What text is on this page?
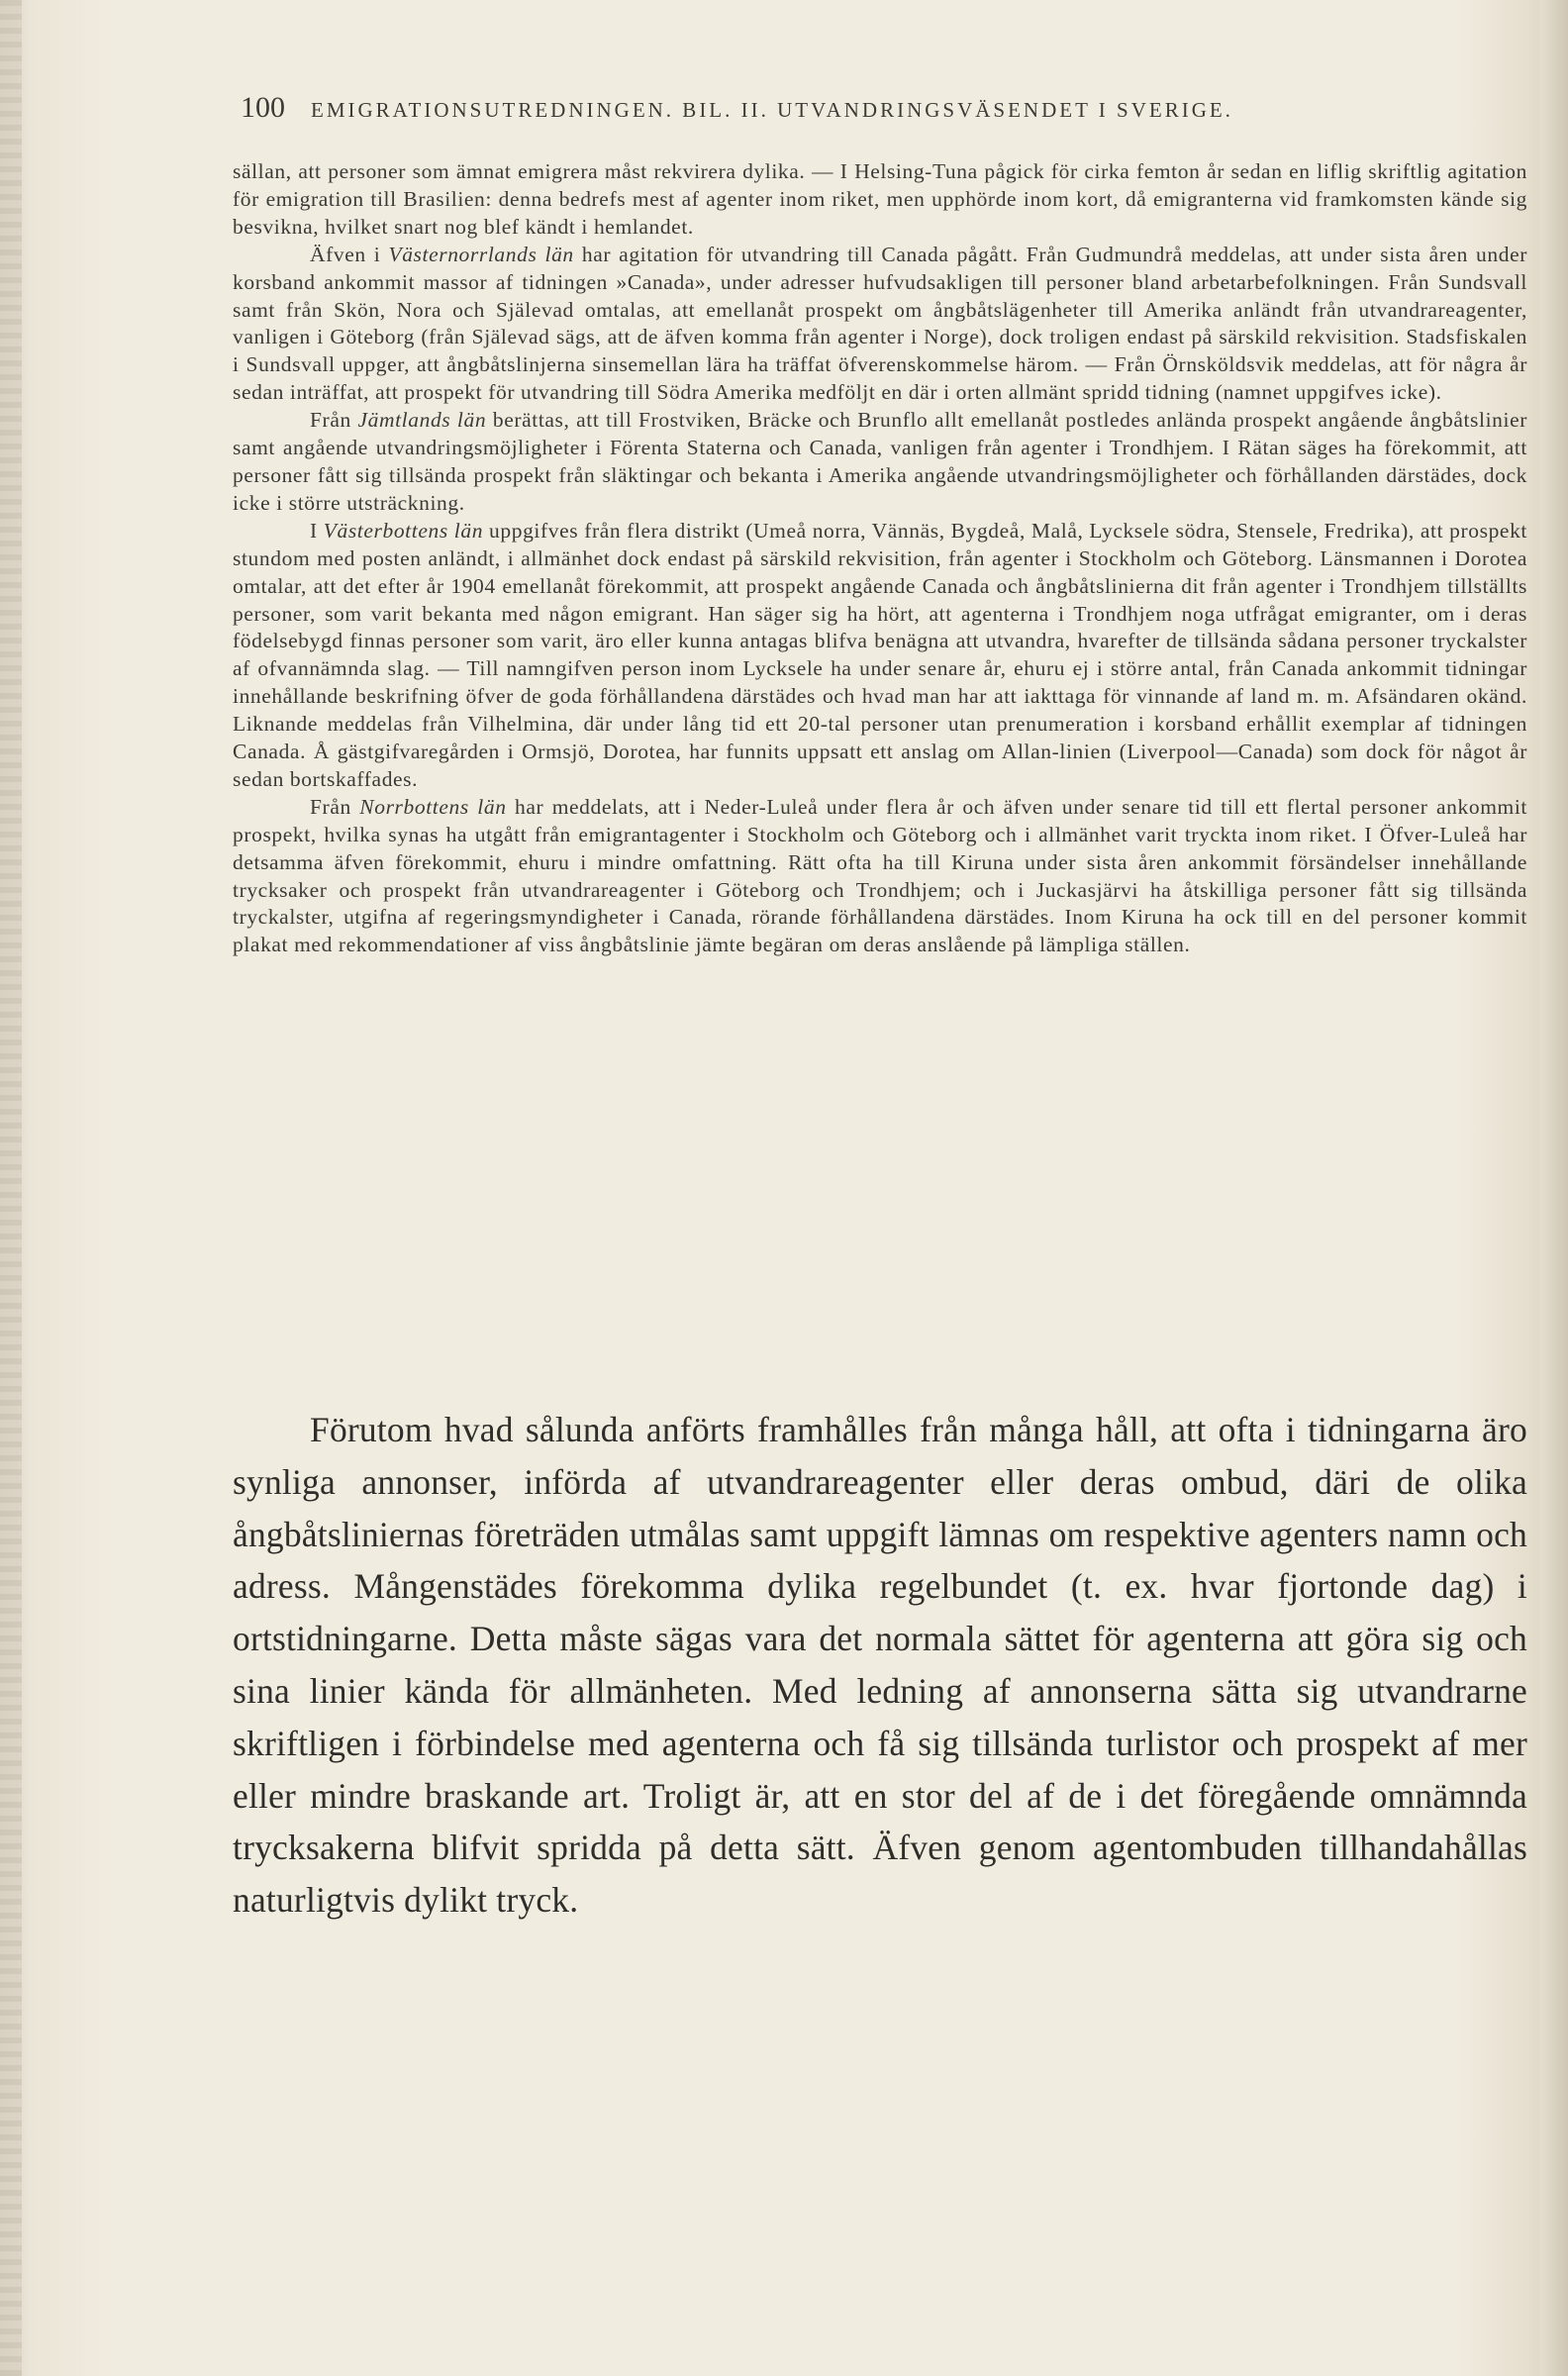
100 EMIGRATIONSUTREDNINGEN. BIL. II. UTVANDRINGSVÄSENDET I SVERIGE.

sällan, att personer som ämnat emigrera måst rekvirera dylika. — I Helsing-Tuna pågick för cirka femton år sedan en liflig skriftlig agitation för emigration till Brasilien: denna bedrefs mest af agenter inom riket, men upphörde inom kort, då emigranterna vid framkomsten kände sig besvikna, hvilket snart nog blef kändt i hemlandet.

Äfven i Västernorrlands län har agitation för utvandring till Canada pågått. Från Gudmundrå meddelas, att under sista åren under korsband ankommit massor af tidningen »Canada», under adresser hufvudsakligen till personer bland arbetarbefolkningen. Från Sundsvall samt från Skön, Nora och Själevad omtalas, att emellanåt prospekt om ångbåtslägenheter till Amerika anländt från utvandrareagenter, vanligen i Göteborg (från Själevad sägs, att de äfven komma från agenter i Norge), dock troligen endast på särskild rekvisition. Stadsfiskalen i Sundsvall uppger, att ångbåtslinjerna sinsemellan lära ha träffat öfverenskommelse härom. — Från Örnsköldsvik meddelas, att för några år sedan inträffat, att prospekt för utvandring till Södra Amerika medföljt en där i orten allmänt spridd tidning (namnet uppgifves icke).

Från Jämtlands län berättas, att till Frostviken, Bräcke och Brunflo allt emellanåt postledes anlända prospekt angående ångbåtslinier samt angående utvandringsmöjligheter i Förenta Staterna och Canada, vanligen från agenter i Trondhjem. I Rätan säges ha förekommit, att personer fått sig tillsända prospekt från släktingar och bekanta i Amerika angående utvandringsmöjligheter och förhållanden därstädes, dock icke i större utsträckning.

I Västerbottens län uppgifves från flera distrikt (Umeå norra, Vännäs, Bygdeå, Malå, Lycksele södra, Stensele, Fredrika), att prospekt stundom med posten anländt, i allmänhet dock endast på särskild rekvisition, från agenter i Stockholm och Göteborg. Länsmannen i Dorotea omtalar, att det efter år 1904 emellanåt förekommit, att prospekt angående Canada och ångbåtslinierna dit från agenter i Trondhjem tillställts personer, som varit bekanta med någon emigrant. Han säger sig ha hört, att agenterna i Trondhjem noga utfrågat emigranter, om i deras födelsebygd finnas personer som varit, äro eller kunna antagas blifva benägna att utvandra, hvarefter de tillsända sådana personer tryckalster af ofvannämnda slag. — Till namngifven person inom Lycksele ha under senare år, ehuru ej i större antal, från Canada ankommit tidningar innehållande beskrifning öfver de goda förhållandena därstädes och hvad man har att iakttaga för vinnande af land m. m. Afsändaren okänd. Liknande meddelas från Vilhelmina, där under lång tid ett 20-tal personer utan prenumeration i korsband erhållit exemplar af tidningen Canada. Å gästgifvaregården i Ormsjö, Dorotea, har funnits uppsatt ett anslag om Allan-linien (Liverpool—Canada) som dock för något år sedan bortskaffades.

Från Norrbottens län har meddelats, att i Neder-Luleå under flera år och äfven under senare tid till ett flertal personer ankommit prospekt, hvilka synas ha utgått från emigrantagenter i Stockholm och Göteborg och i allmänhet varit tryckta inom riket. I Öfver-Luleå har detsamma äfven förekommit, ehuru i mindre omfattning. Rätt ofta ha till Kiruna under sista åren ankommit försändelser innehållande trycksaker och prospekt från utvandrareagenter i Göteborg och Trondhjem; och i Juckasjärvi ha åtskilliga personer fått sig tillsända tryckalster, utgifna af regeringsmyndigheter i Canada, rörande förhållandena därstädes. Inom Kiruna ha ock till en del personer kommit plakat med rekommendationer af viss ångbåtslinie jämte begäran om deras anslående på lämpliga ställen.

Förutom hvad sålunda anförts framhålles från många håll, att ofta i tidningarna äro synliga annonser, införda af utvandrareagenter eller deras ombud, däri de olika ångbåtsliniernas företräden utmålas samt uppgift lämnas om respektive agenters namn och adress. Mångenstädes förekomma dylika regelbundet (t. ex. hvar fjortonde dag) i ortstidningarne. Detta måste sägas vara det normala sättet för agenterna att göra sig och sina linier kända för allmänheten. Med ledning af annonserna sätta sig utvandrarne skriftligen i förbindelse med agenterna och få sig tillsända turlistor och prospekt af mer eller mindre braskande art. Troligt är, att en stor del af de i det föregående omnämnda trycksakerna blifvit spridda på detta sätt. Äfven genom agentombuden tillhandahållas naturligtvis dylikt tryck.
